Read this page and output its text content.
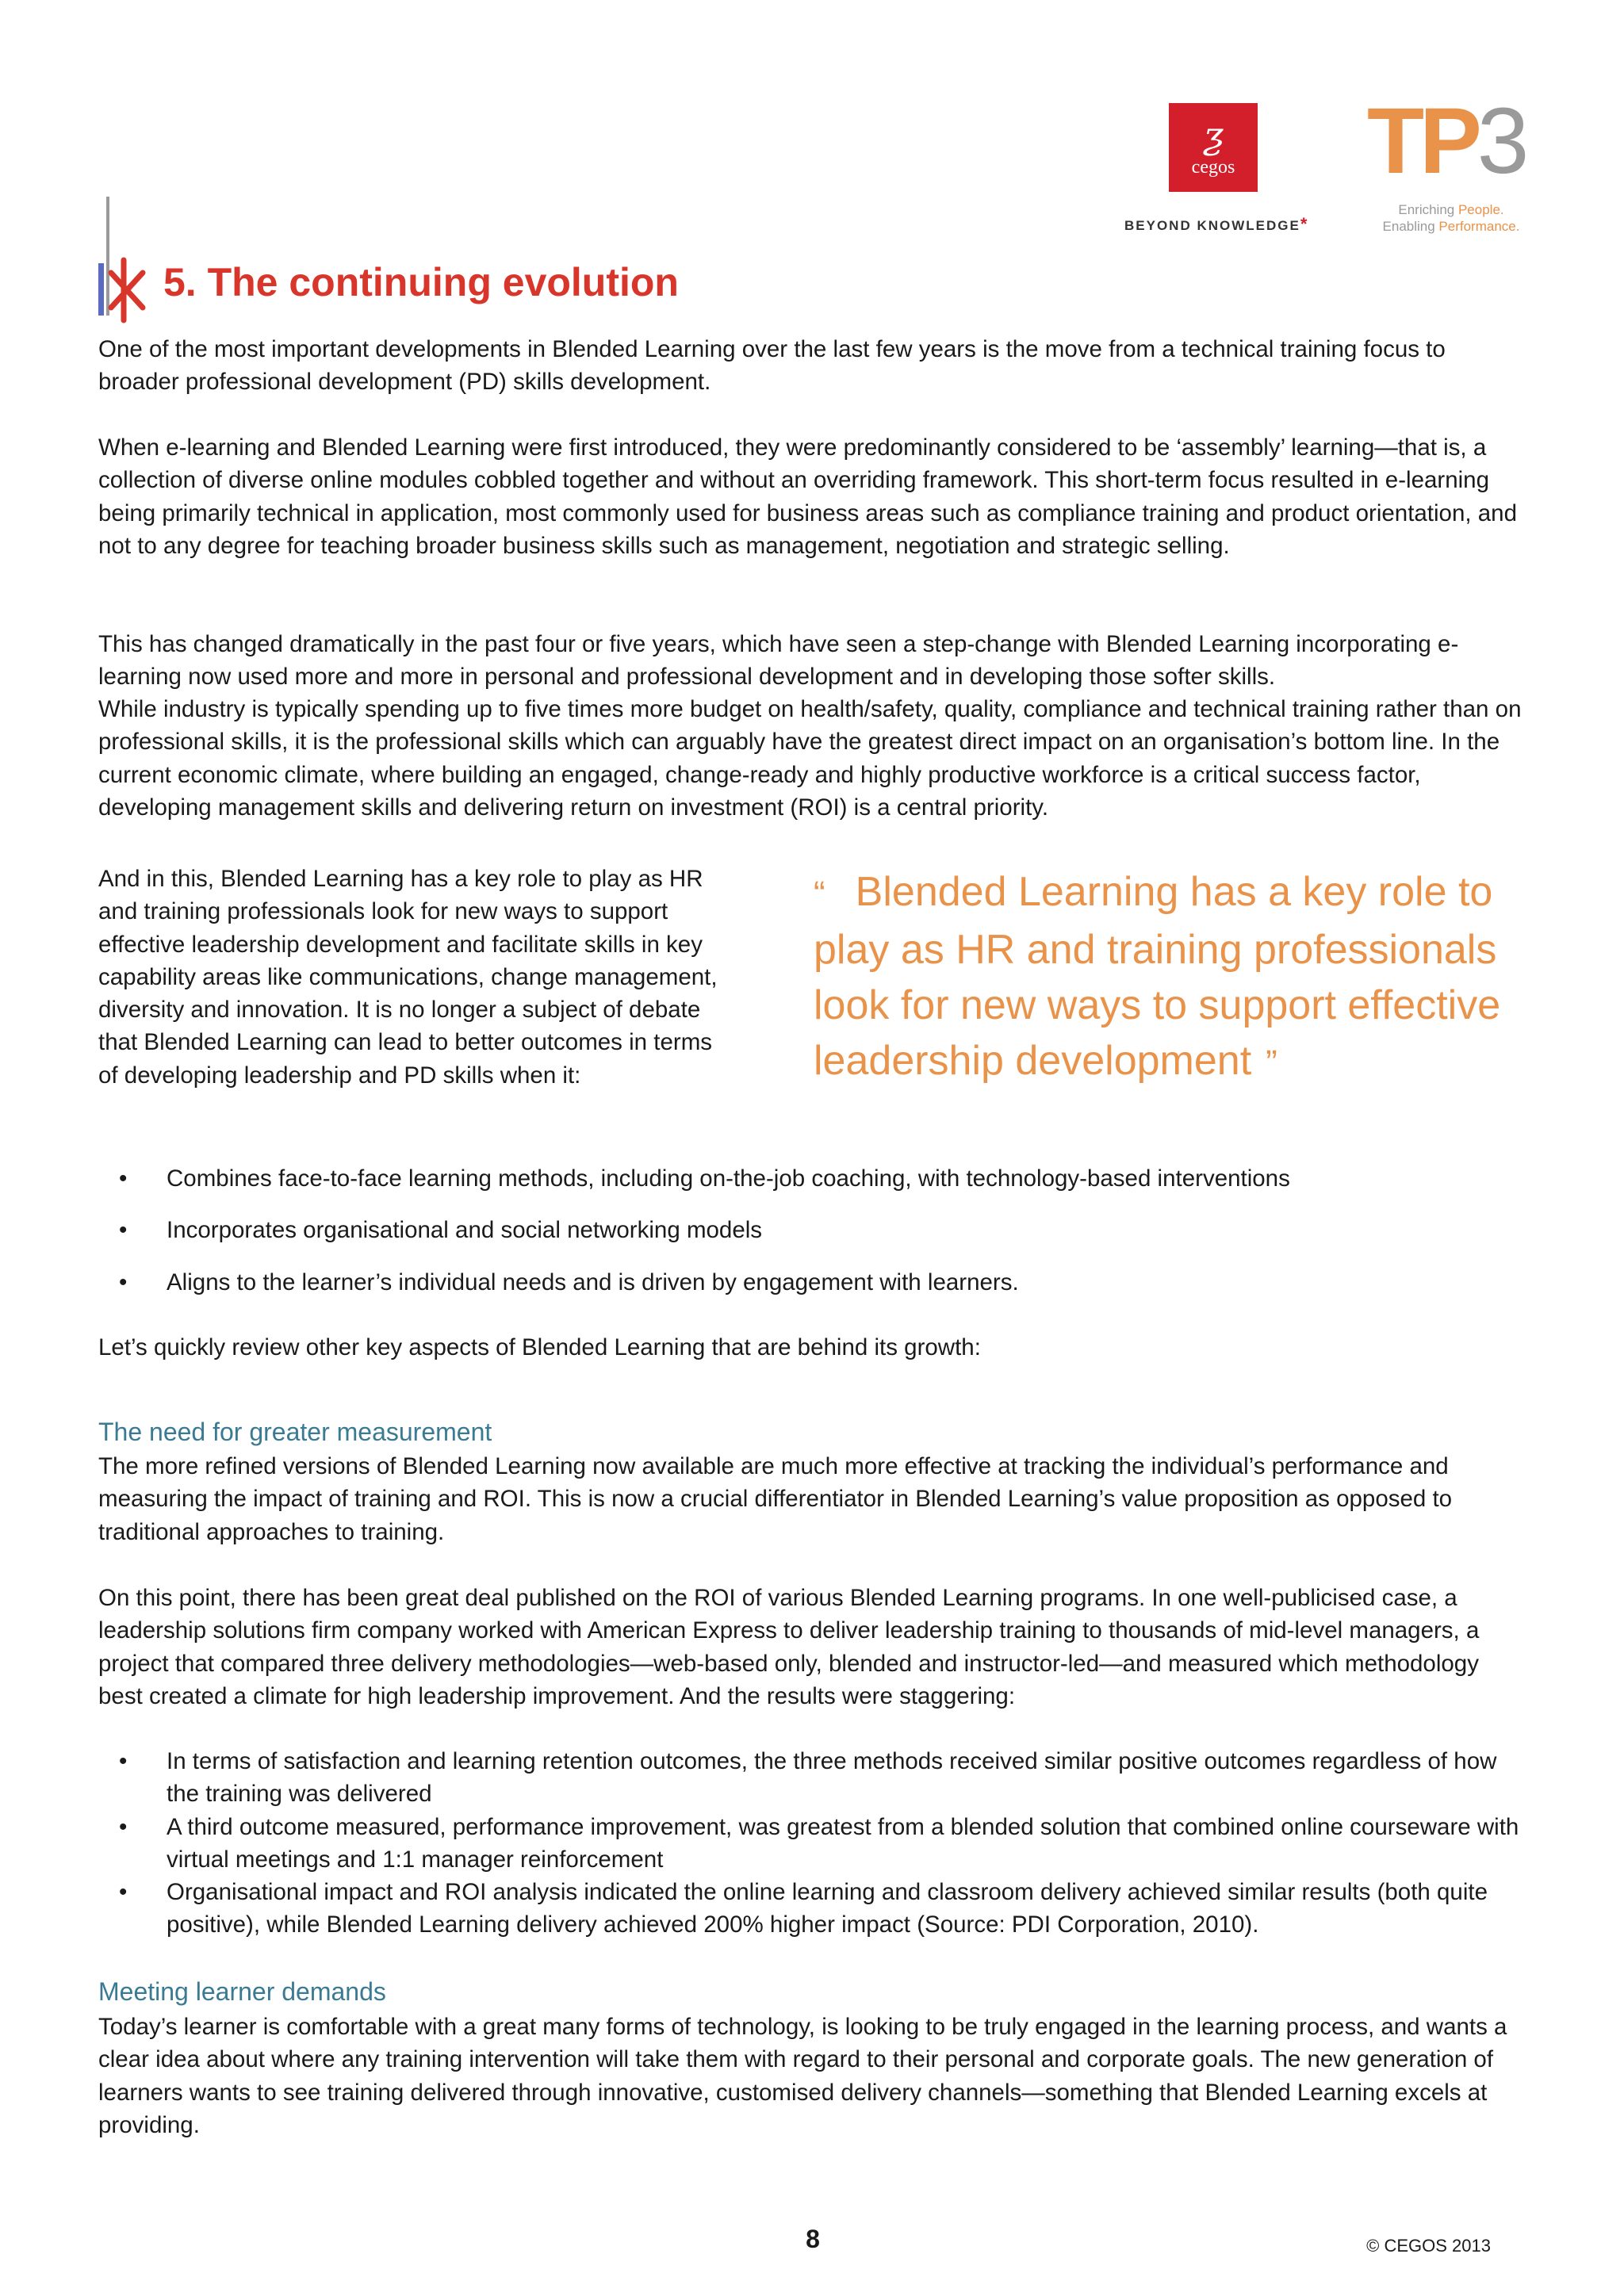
ƺ
cegos
BEYOND KNOWLEDGE*
TP3
Enriching People.
Enabling Performance.
5. The continuing evolution
One of the most important developments in Blended Learning over the last few years is the move from a technical training focus to broader professional development (PD) skills development.
When e-learning and Blended Learning were first introduced, they were predominantly considered to be ‘assembly’ learning—that is, a collection of diverse online modules cobbled together and without an overriding framework. This short-term focus resulted in e-learning being primarily technical in application, most commonly used for business areas such as compliance training and product orientation, and not to any degree for teaching broader business skills such as management, negotiation and strategic selling.
This has changed dramatically in the past four or five years, which have seen a step-change with Blended Learning incorporating e-learning now used more and more in personal and professional development and in developing those softer skills.
While industry is typically spending up to five times more budget on health/safety, quality, compliance and technical training rather than on professional skills, it is the professional skills which can arguably have the greatest direct impact on an organisation’s bottom line. In the current economic climate, where building an engaged, change-ready and highly productive workforce is a critical success factor, developing management skills and delivering return on investment (ROI) is a central priority.
And in this, Blended Learning has a key role to play as HR and training professionals look for new ways to support effective leadership development and facilitate skills in key capability areas like communications, change management, diversity and innovation. It is no longer a subject of debate that Blended Learning can lead to better outcomes in terms of developing leadership and PD skills when it:
“ Blended Learning has a key role to play as HR and training professionals look for new ways to support effective leadership development ”
• Combines face-to-face learning methods, including on-the-job coaching, with technology-based interventions
• Incorporates organisational and social networking models
• Aligns to the learner’s individual needs and is driven by engagement with learners.
Let’s quickly review other key aspects of Blended Learning that are behind its growth:
The need for greater measurement
The more refined versions of Blended Learning now available are much more effective at tracking the individual’s performance and measuring the impact of training and ROI. This is now a crucial differentiator in Blended Learning’s value proposition as opposed to traditional approaches to training.
On this point, there has been great deal published on the ROI of various Blended Learning programs. In one well-publicised case, a leadership solutions firm company worked with American Express to deliver leadership training to thousands of mid-level managers, a project that compared three delivery methodologies—web-based only, blended and instructor-led—and measured which methodology best created a climate for high leadership improvement. And the results were staggering:
• In terms of satisfaction and learning retention outcomes, the three methods received similar positive outcomes regardless of how the training was delivered
• A third outcome measured, performance improvement, was greatest from a blended solution that combined online courseware with virtual meetings and 1:1 manager reinforcement
• Organisational impact and ROI analysis indicated the online learning and classroom delivery achieved similar results (both quite positive), while Blended Learning delivery achieved 200% higher impact (Source: PDI Corporation, 2010).
Meeting learner demands
Today’s learner is comfortable with a great many forms of technology, is looking to be truly engaged in the learning process, and wants a clear idea about where any training intervention will take them with regard to their personal and corporate goals. The new generation of learners wants to see training delivered through innovative, customised delivery channels—something that Blended Learning excels at providing.
8	© CEGOS 2013
